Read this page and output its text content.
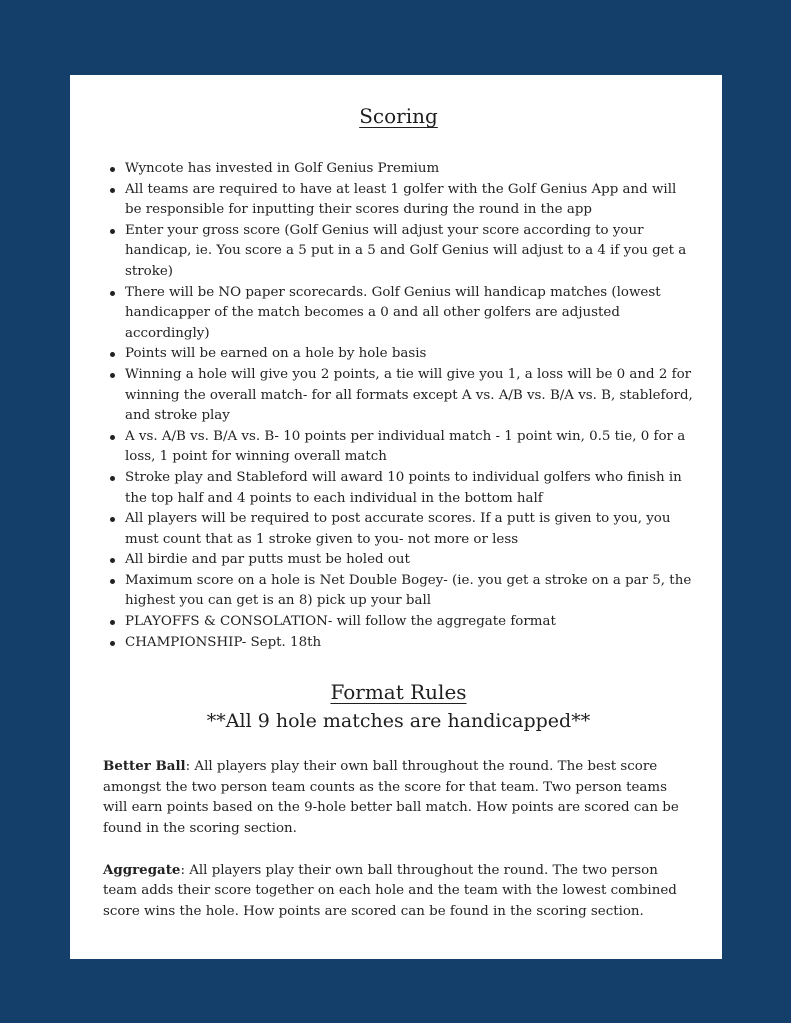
Scoring
Wyncote has invested in Golf Genius Premium
All teams are required to have at least 1 golfer with the Golf Genius App and will be responsible for inputting their scores during the round in the app
Enter your gross score (Golf Genius will adjust your score according to your handicap, ie. You score a 5 put in a 5 and Golf Genius will adjust to a 4 if you get a stroke)
There will be NO paper scorecards. Golf Genius will handicap matches (lowest handicapper of the match becomes a 0 and all other golfers are adjusted accordingly)
Points will be earned on a hole by hole basis
Winning a hole will give you 2 points, a tie will give you 1, a loss will be 0 and 2 for winning the overall match- for all formats except A vs. A/B vs. B/A vs. B, stableford, and stroke play
A vs. A/B vs. B/A vs. B- 10 points per individual match - 1 point win, 0.5 tie, 0 for a loss, 1 point for winning overall match
Stroke play and Stableford will award 10 points to individual golfers who finish in the top half and 4 points to each individual in the bottom half
All players will be required to post accurate scores. If a putt is given to you, you must count that as 1 stroke given to you- not more or less
All birdie and par putts must be holed out
Maximum score on a hole is Net Double Bogey- (ie. you get a stroke on a par 5, the highest you can get is an 8) pick up your ball
PLAYOFFS & CONSOLATION- will follow the aggregate format
CHAMPIONSHIP- Sept. 18th
Format Rules
**All 9 hole matches are handicapped**

Better Ball: All players play their own ball throughout the round. The best score amongst the two person team counts as the score for that team. Two person teams will earn points based on the 9-hole better ball match. How points are scored can be found in the scoring section.

Aggregate: All players play their own ball throughout the round. The two person team adds their score together on each hole and the team with the lowest combined score wins the hole. How points are scored can be found in the scoring section.
